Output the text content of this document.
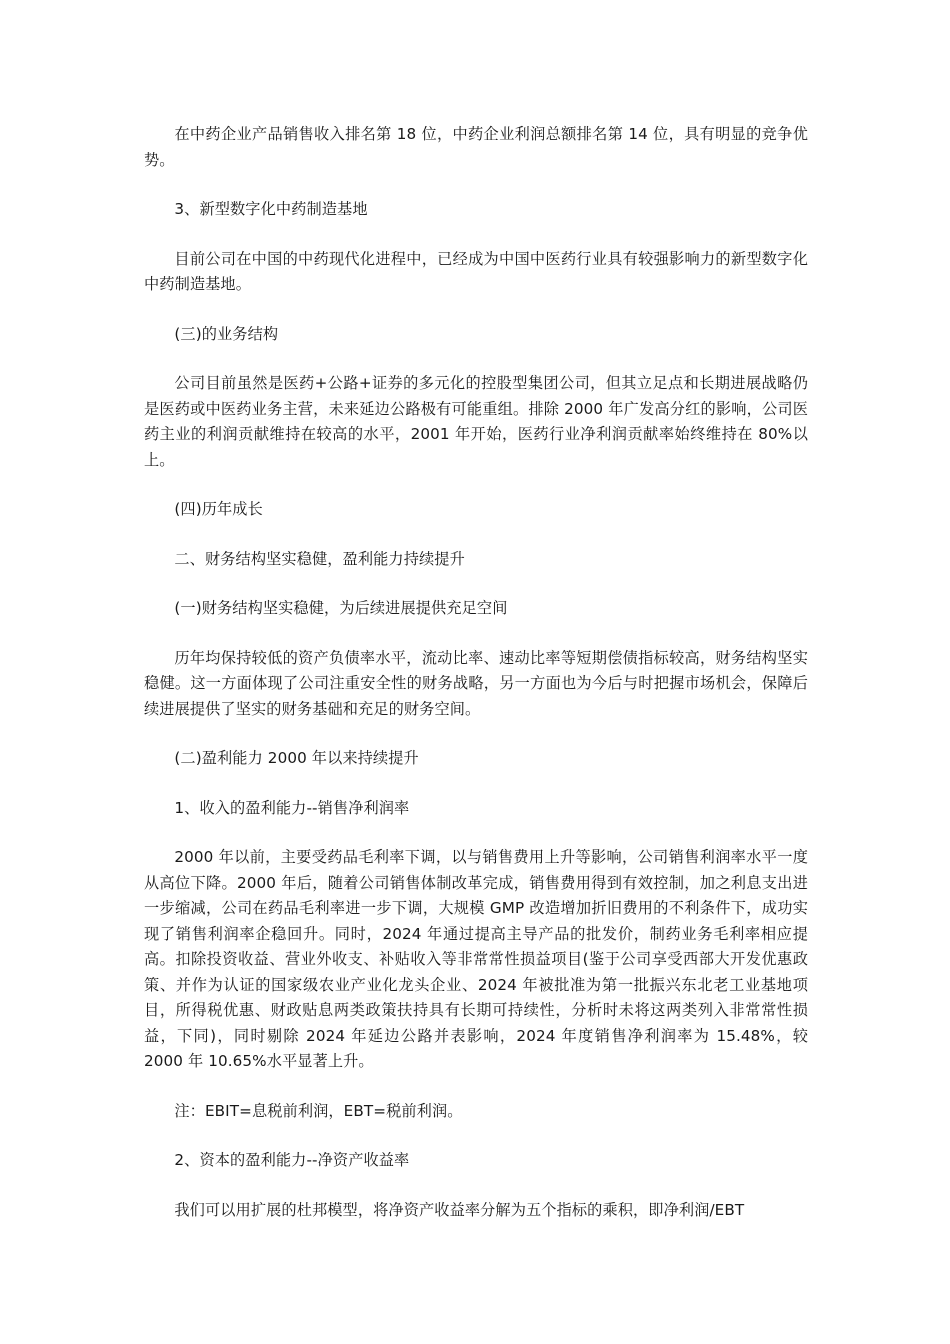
在中药企业产品销售收入排名第 18 位，中药企业利润总额排名第 14 位，具有明显的竞争优势。

3、新型数字化中药制造基地

目前公司在中国的中药现代化进程中，已经成为中国中医药行业具有较强影响力的新型数字化中药制造基地。

(三)的业务结构

公司目前虽然是医药+公路+证券的多元化的控股型集团公司，但其立足点和长期进展战略仍是医药或中医药业务主营，未来延边公路极有可能重组。排除 2000 年广发高分红的影响，公司医药主业的利润贡献维持在较高的水平，2001 年开始，医药行业净利润贡献率始终维持在 80%以上。

(四)历年成长

二、财务结构坚实稳健，盈利能力持续提升

(一)财务结构坚实稳健，为后续进展提供充足空间

历年均保持较低的资产负债率水平，流动比率、速动比率等短期偿债指标较高，财务结构坚实稳健。这一方面体现了公司注重安全性的财务战略，另一方面也为今后与时把握市场机会，保障后续进展提供了坚实的财务基础和充足的财务空间。

(二)盈利能力 2000 年以来持续提升

1、收入的盈利能力--销售净利润率

2000 年以前，主要受药品毛利率下调，以与销售费用上升等影响，公司销售利润率水平一度从高位下降。2000 年后，随着公司销售体制改革完成，销售费用得到有效控制，加之利息支出进一步缩减，公司在药品毛利率进一步下调，大规模 GMP 改造增加折旧费用的不利条件下，成功实现了销售利润率企稳回升。同时，2024 年通过提高主导产品的批发价，制药业务毛利率相应提高。扣除投资收益、营业外收支、补贴收入等非常常性损益项目(鉴于公司享受西部大开发优惠政策、并作为认证的国家级农业产业化龙头企业、2024 年被批准为第一批振兴东北老工业基地项目，所得税优惠、财政贴息两类政策扶持具有长期可持续性，分析时未将这两类列入非常常性损益，下同)，同时剔除 2024 年延边公路并表影响，2024 年度销售净利润率为 15.48%，较 2000 年 10.65%水平显著上升。

注：EBIT=息税前利润，EBT=税前利润。

2、资本的盈利能力--净资产收益率

我们可以用扩展的杜邦模型，将净资产收益率分解为五个指标的乘积，即净利润/EBT
